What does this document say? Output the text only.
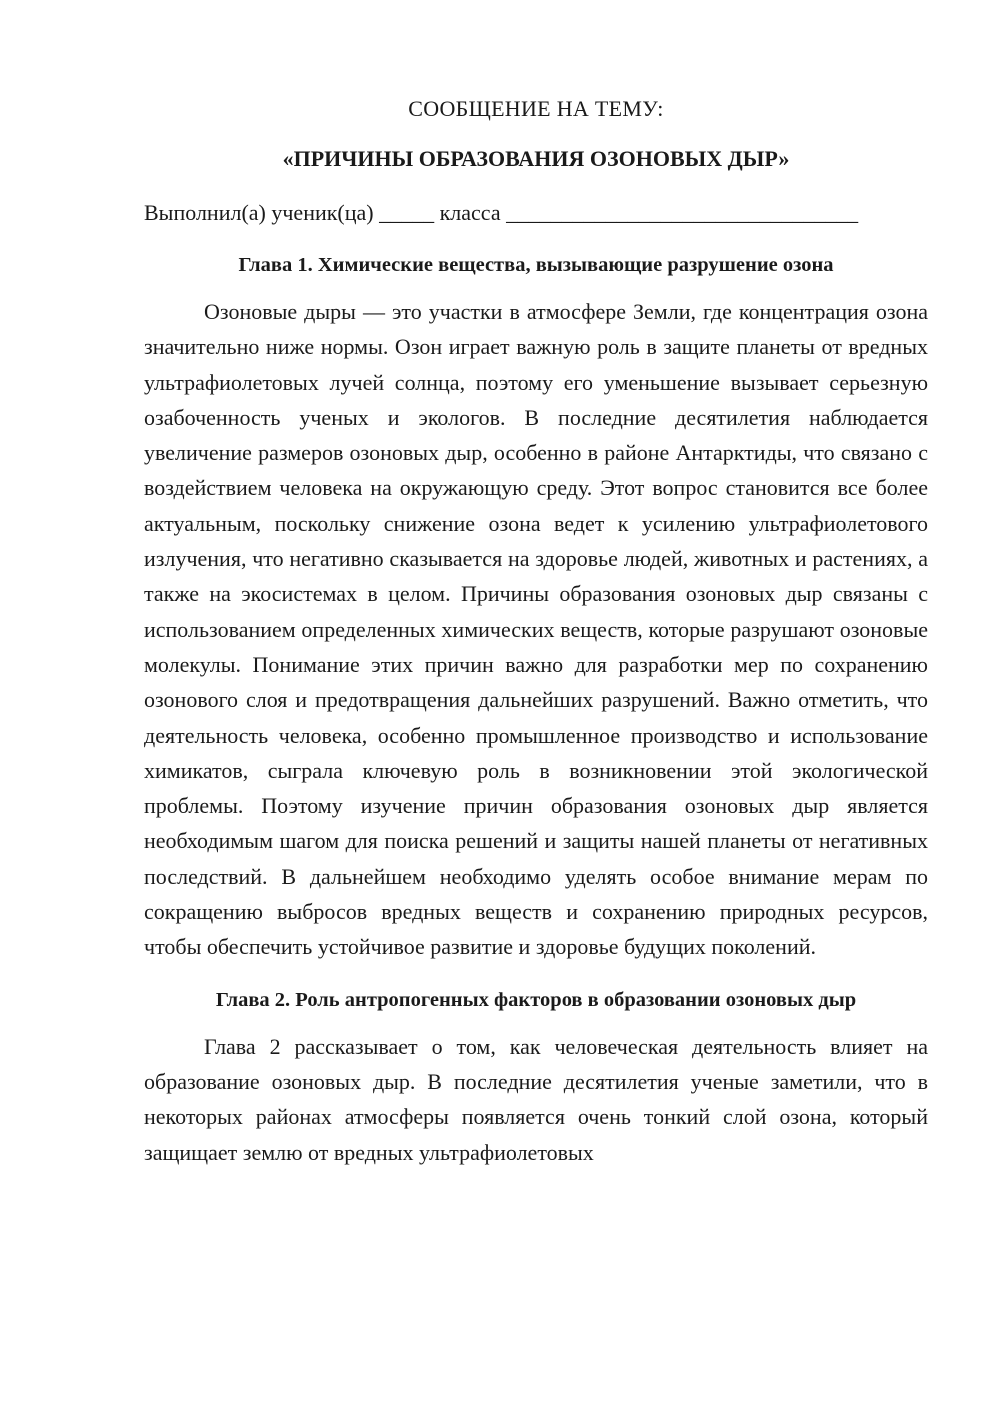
СООБЩЕНИЕ НА ТЕМУ:

«ПРИЧИНЫ ОБРАЗОВАНИЯ ОЗОНОВЫХ ДЫР»

Выполнил(а) ученик(ца) _____ класса ________________________________

Глава 1. Химические вещества, вызывающие разрушение озона

Озоновые дыры — это участки в атмосфере Земли, где концентрация озона значительно ниже нормы. Озон играет важную роль в защите планеты от вредных ультрафиолетовых лучей солнца, поэтому его уменьшение вызывает серьезную озабоченность ученых и экологов. В последние десятилетия наблюдается увеличение размеров озоновых дыр, особенно в районе Антарктиды, что связано с воздействием человека на окружающую среду. Этот вопрос становится все более актуальным, поскольку снижение озона ведет к усилению ультрафиолетового излучения, что негативно сказывается на здоровье людей, животных и растениях, а также на экосистемах в целом. Причины образования озоновых дыр связаны с использованием определенных химических веществ, которые разрушают озоновые молекулы. Понимание этих причин важно для разработки мер по сохранению озонового слоя и предотвращения дальнейших разрушений. Важно отметить, что деятельность человека, особенно промышленное производство и использование химикатов, сыграла ключевую роль в возникновении этой экологической проблемы. Поэтому изучение причин образования озоновых дыр является необходимым шагом для поиска решений и защиты нашей планеты от негативных последствий. В дальнейшем необходимо уделять особое внимание мерам по сокращению выбросов вредных веществ и сохранению природных ресурсов, чтобы обеспечить устойчивое развитие и здоровье будущих поколений.

Глава 2. Роль антропогенных факторов в образовании озоновых дыр

Глава 2 рассказывает о том, как человеческая деятельность влияет на образование озоновых дыр. В последние десятилетия ученые заметили, что в некоторых районах атмосферы появляется очень тонкий слой озона, который защищает землю от вредных ультрафиолетовых
